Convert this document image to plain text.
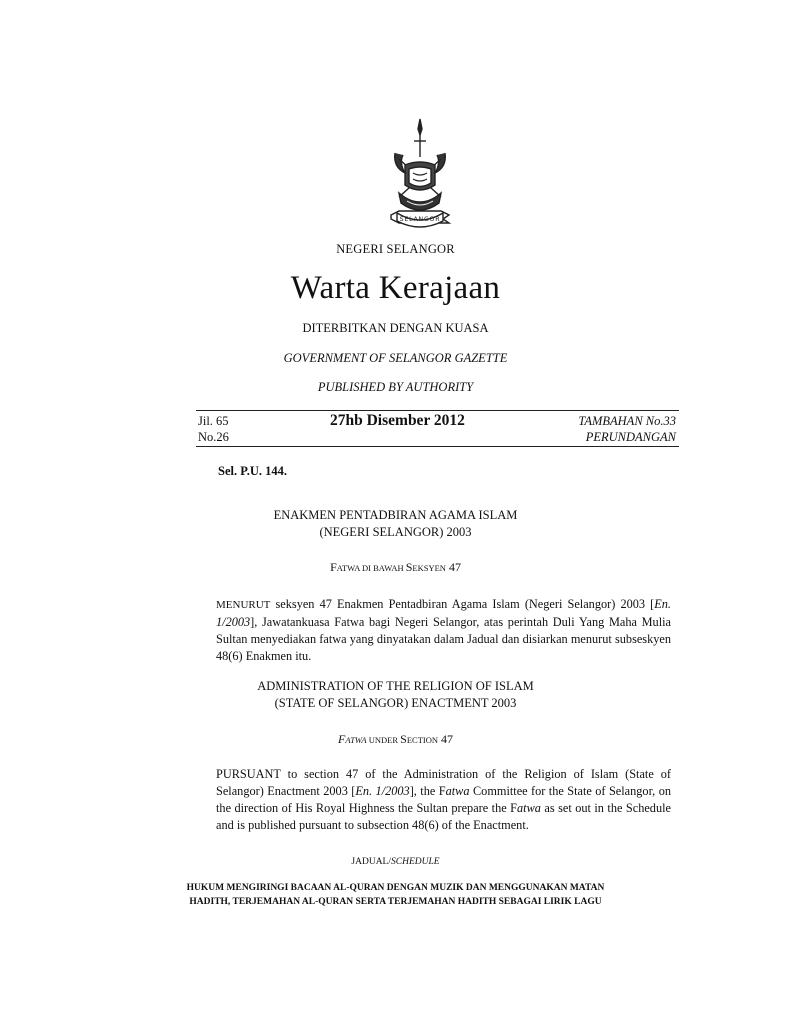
SELANGOR
NEGERI SELANGOR
Warta Kerajaan
DITERBITKAN DENGAN KUASA
GOVERNMENT OF SELANGOR GAZETTE
PUBLISHED BY AUTHORITY
Jil. 65
No.26
27hb Disember 2012	TAMBAHAN No.33
PERUNDANGAN
Sel. P.U. 144.
ENAKMEN PENTADBIRAN AGAMA ISLAM
(NEGERI SELANGOR) 2003
FATWA DI BAWAH SEKSYEN 47
MENURUT seksyen 47 Enakmen Pentadbiran Agama Islam (Negeri Selangor) 2003 [En. 1/2003], Jawatankuasa Fatwa bagi Negeri Selangor, atas perintah Duli Yang Maha Mulia Sultan menyediakan fatwa yang dinyatakan dalam Jadual dan disiarkan menurut subseskyen 48(6) Enakmen itu.
ADMINISTRATION OF THE RELIGION OF ISLAM
(STATE OF SELANGOR) ENACTMENT 2003
FATWA UNDER SECTION 47
PURSUANT to section 47 of the Administration of the Religion of Islam (State of Selangor) Enactment 2003 [En. 1/2003], the Fatwa Committee for the State of Selangor, on the direction of His Royal Highness the Sultan prepare the Fatwa as set out in the Schedule and is published pursuant to subsection 48(6) of the Enactment.
JADUAL/SCHEDULE
HUKUM MENGIRINGI BACAAN AL-QURAN DENGAN MUZIK DAN MENGGUNAKAN MATAN
HADITH, TERJEMAHAN AL-QURAN SERTA TERJEMAHAN HADITH SEBAGAI LIRIK LAGU
